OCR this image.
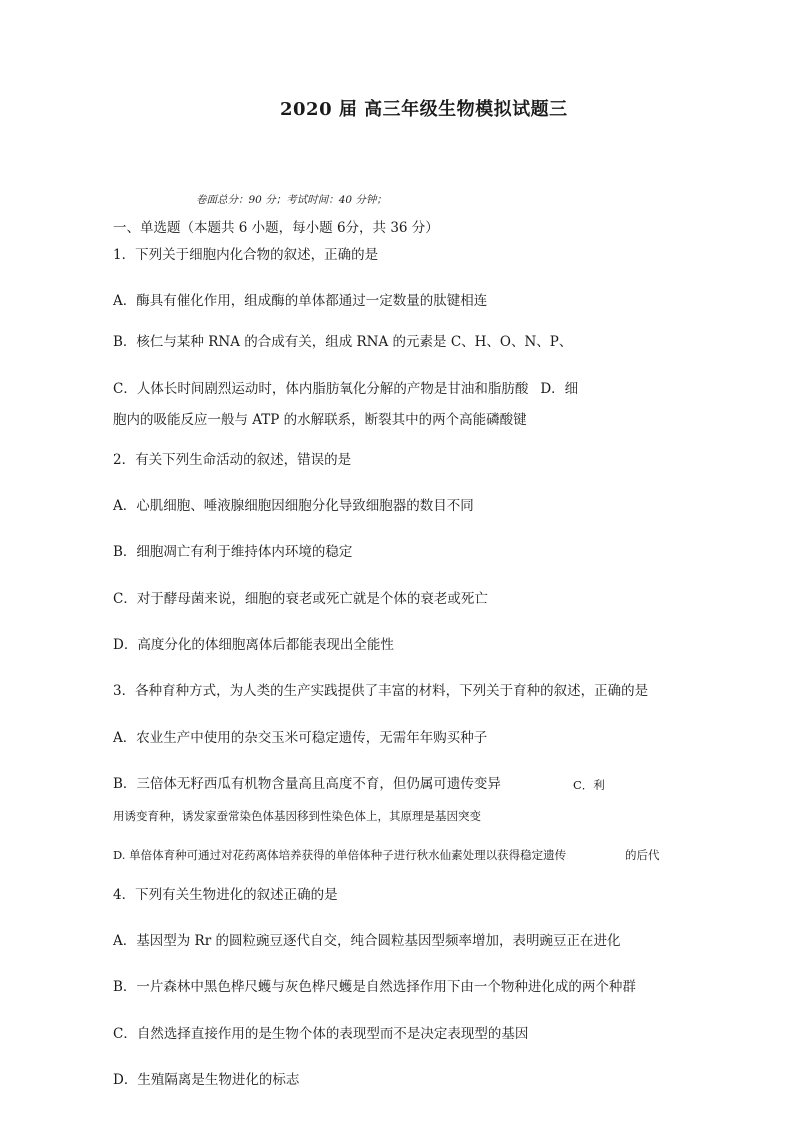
2020 届 高三年级生物模拟试题三
卷面总分：90 分；考试时间：40 分钟；
一、单选题（本题共 6 小题，每小题 6分，共 36 分）
1．下列关于细胞内化合物的叙述，正确的是
A．酶具有催化作用，组成酶的单体都通过一定数量的肽键相连
B．核仁与某种 RNA 的合成有关，组成 RNA 的元素是 C、H、O、N、P、
C．人体长时间剧烈运动时，体内脂肪氧化分解的产物是甘油和脂肪酸 D．细
胞内的吸能反应一般与 ATP 的水解联系，断裂其中的两个高能磷酸键
2．有关下列生命活动的叙述，错误的是
A．心肌细胞、唾液腺细胞因细胞分化导致细胞器的数目不同
B．细胞凋亡有利于维持体内环境的稳定
C．对于酵母菌来说，细胞的衰老或死亡就是个体的衰老或死亡
D．高度分化的体细胞离体后都能表现出全能性
3．各种育种方式，为人类的生产实践提供了丰富的材料，下列关于育种的叙述，正确的是
A．农业生产中使用的杂交玉米可稳定遗传，无需年年购买种子
B．三倍体无籽西瓜有机物含量高且高度不育，但仍属可遗传变异	C．利
用诱变育种，诱发家蚕常染色体基因移到性染色体上，其原理是基因突变
D. 单倍体育种可通过对花药离体培养获得的单倍体种子进行秋水仙素处理以获得稳定遗传	的后代
4．下列有关生物进化的叙述正确的是
A．基因型为 Rr 的圆粒豌豆逐代自交，纯合圆粒基因型频率增加，表明豌豆正在进化
B．一片森林中黑色桦尺蠖与灰色桦尺蠖是自然选择作用下由一个物种进化成的两个种群
C．自然选择直接作用的是生物个体的表现型而不是决定表现型的基因
D．生殖隔离是生物进化的标志
